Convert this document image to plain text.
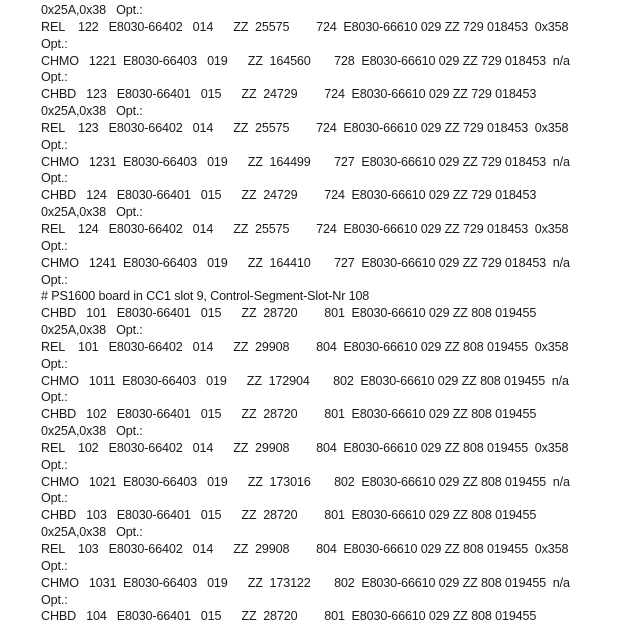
0x25A,0x38   Opt.:
REL    122   E8030-66402   014      ZZ  25575        724  E8030-66610 029 ZZ 729 018453  0x358
Opt.:
CHMO   1221  E8030-66403   019      ZZ  164560       728  E8030-66610 029 ZZ 729 018453  n/a
Opt.:
CHBD   123   E8030-66401   015      ZZ  24729        724  E8030-66610 029 ZZ 729 018453
0x25A,0x38   Opt.:
REL    123   E8030-66402   014      ZZ  25575        724  E8030-66610 029 ZZ 729 018453  0x358
Opt.:
CHMO   1231  E8030-66403   019      ZZ  164499       727  E8030-66610 029 ZZ 729 018453  n/a
Opt.:
CHBD   124   E8030-66401   015      ZZ  24729        724  E8030-66610 029 ZZ 729 018453
0x25A,0x38   Opt.:
REL    124   E8030-66402   014      ZZ  25575        724  E8030-66610 029 ZZ 729 018453  0x358
Opt.:
CHMO   1241  E8030-66403   019      ZZ  164410       727  E8030-66610 029 ZZ 729 018453  n/a
Opt.:
# PS1600 board in CC1 slot 9, Control-Segment-Slot-Nr 108
CHBD   101   E8030-66401   015      ZZ  28720        801  E8030-66610 029 ZZ 808 019455
0x25A,0x38   Opt.:
REL    101   E8030-66402   014      ZZ  29908        804  E8030-66610 029 ZZ 808 019455  0x358
Opt.:
CHMO   1011  E8030-66403   019      ZZ  172904       802  E8030-66610 029 ZZ 808 019455  n/a
Opt.:
CHBD   102   E8030-66401   015      ZZ  28720        801  E8030-66610 029 ZZ 808 019455
0x25A,0x38   Opt.:
REL    102   E8030-66402   014      ZZ  29908        804  E8030-66610 029 ZZ 808 019455  0x358
Opt.:
CHMO   1021  E8030-66403   019      ZZ  173016       802  E8030-66610 029 ZZ 808 019455  n/a
Opt.:
CHBD   103   E8030-66401   015      ZZ  28720        801  E8030-66610 029 ZZ 808 019455
0x25A,0x38   Opt.:
REL    103   E8030-66402   014      ZZ  29908        804  E8030-66610 029 ZZ 808 019455  0x358
Opt.:
CHMO   1031  E8030-66403   019      ZZ  173122       802  E8030-66610 029 ZZ 808 019455  n/a
Opt.:
CHBD   104   E8030-66401   015      ZZ  28720        801  E8030-66610 029 ZZ 808 019455
